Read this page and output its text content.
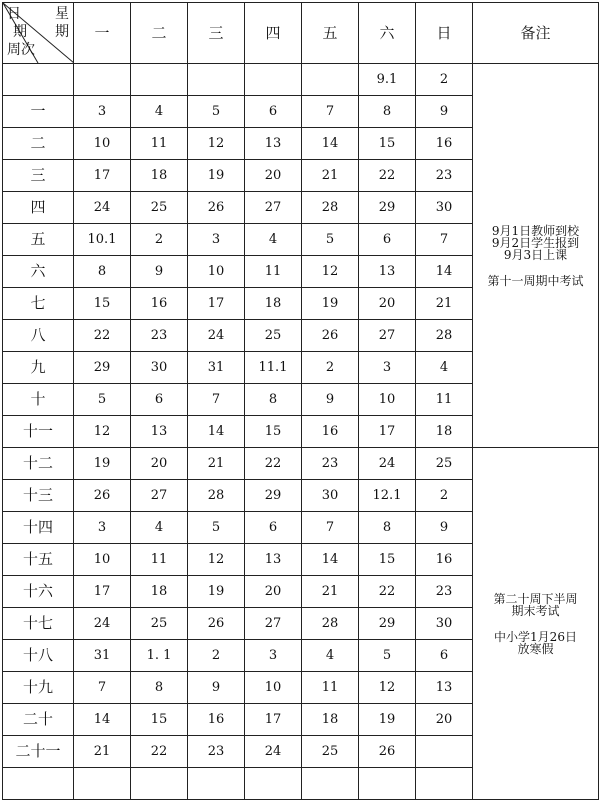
日 星
期 期
周次	一	二	三	四	五	六	日	备注
						9.1	2	9月1日教师到校
9月2日学生报到
9月3日上课
第十一周期中考试

一	3	4	5	6	7	8	9	
二	10	11	12	13	14	15	16	
三	17	18	19	20	21	22	23	
四	24	25	26	27	28	29	30	
五	10.1	2	3	4	5	6	7	
六	8	9	10	11	12	13	14	
七	15	16	17	18	19	20	21	
八	22	23	24	25	26	27	28	
九	29	30	31	11.1	2	3	4	
十	5	6	7	8	9	10	11	
十一	12	13	14	15	16	17	18	
十二	19	20	21	22	23	24	25	第二十周下半周
期末考试
中小学1月26日
放寒假

十三	26	27	28	29	30	12.1	2	
十四	3	4	5	6	7	8	9	
十五	10	11	12	13	14	15	16	
十六	17	18	19	20	21	22	23	
十七	24	25	26	27	28	29	30	
十八	31	1. 1	2	3	4	5	6	
十九	7	8	9	10	11	12	13	
二十	14	15	16	17	18	19	20	
二十一	21	22	23	24	25	26		
